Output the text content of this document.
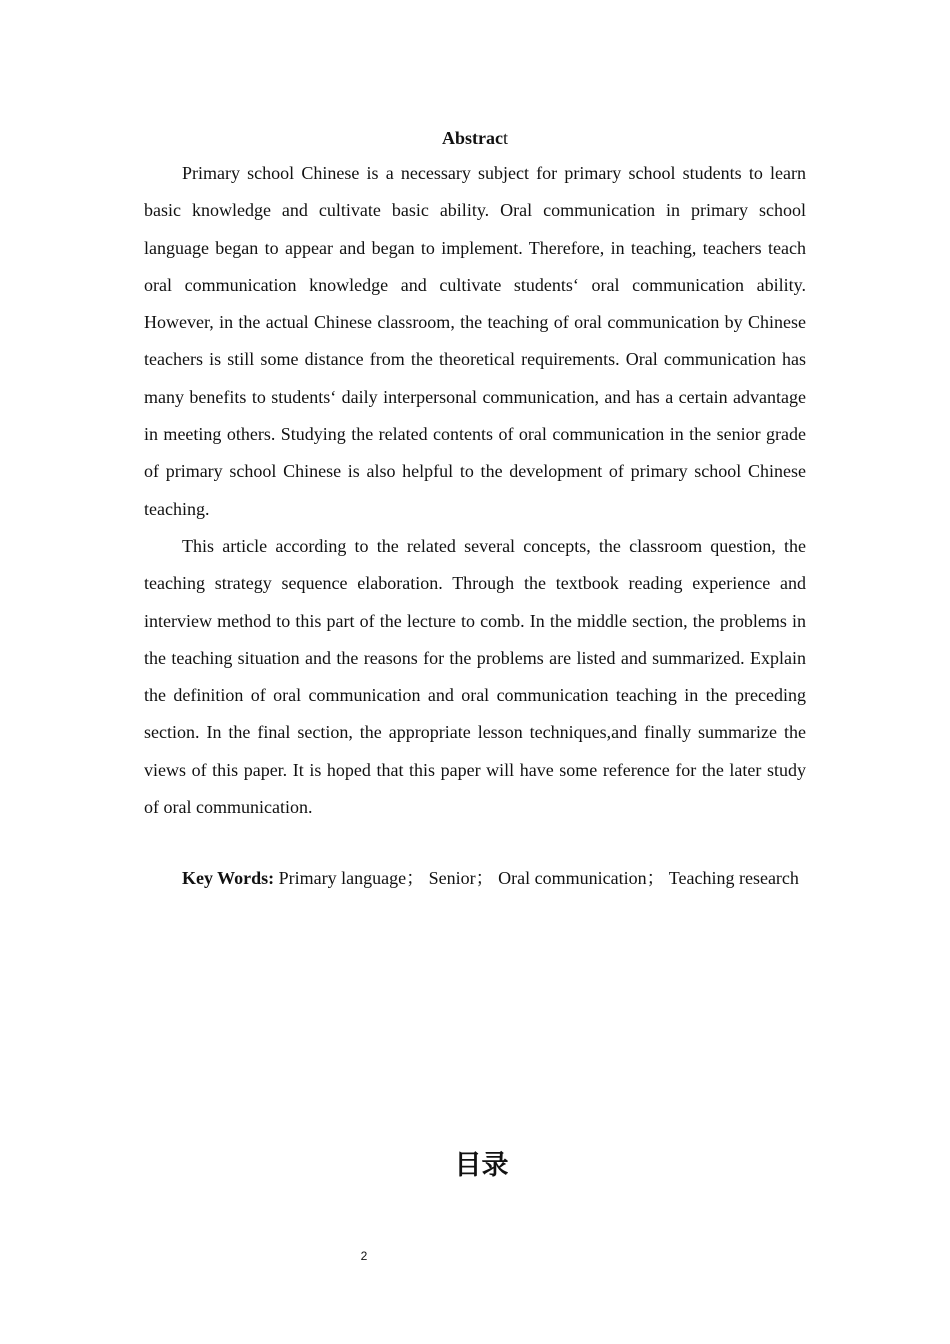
Abstract

Primary school Chinese is a necessary subject for primary school students to learn basic knowledge and cultivate basic ability. Oral communication in primary school language began to appear and began to implement. Therefore, in teaching, teachers teach oral communication knowledge and cultivate students‘ oral communication ability. However, in the actual Chinese classroom, the teaching of oral communication by Chinese teachers is still some distance from the theoretical requirements. Oral communication has many benefits to students‘ daily interpersonal communication, and has a certain advantage in meeting others. Studying the related contents of oral communication in the senior grade of primary school Chinese is also helpful to the development of primary school Chinese teaching.

This article according to the related several concepts, the classroom question, the teaching strategy sequence elaboration. Through the textbook reading experience and interview method to this part of the lecture to comb. In the middle section, the problems in the teaching situation and the reasons for the problems are listed and summarized. Explain the definition of oral communication and oral communication teaching in the preceding section. In the final section, the appropriate lesson techniques,and finally summarize the views of this paper. It is hoped that this paper will have some reference for the later study of oral communication.

Key Words: Primary language； Senior； Oral communication； Teaching research
目录
2
